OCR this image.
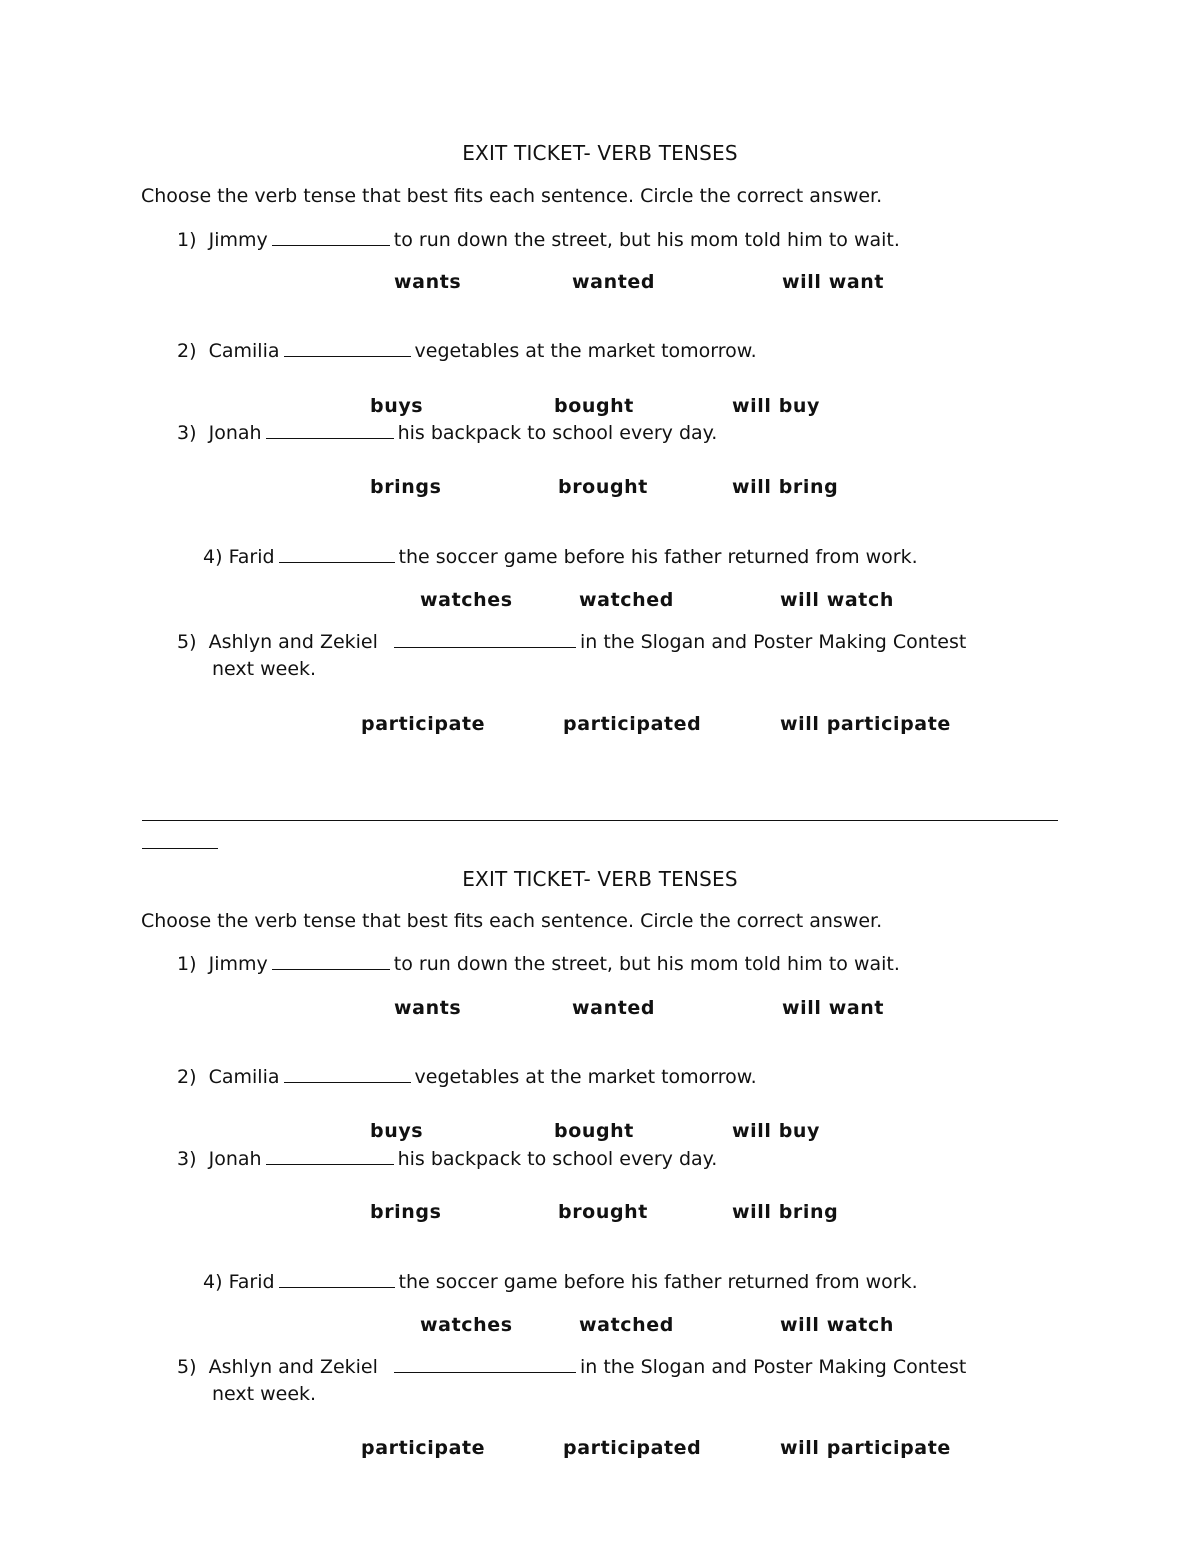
EXIT TICKET- VERB TENSES
Choose the verb tense that best fits each sentence. Circle the correct answer.
1) Jimmy	to run down the street, but his mom told him to wait.
wants	wanted	will want
2) Camilia	vegetables at the market tomorrow.
buys	bought	will buy
3) Jonah	his backpack to school every day.
brings	brought	will bring
4) Farid	the soccer game before his father returned from work.
watches	watched	will watch
5) Ashlyn and Zekiel	in the Slogan and Poster Making Contest
next week.
participate	participated	will participate
EXIT TICKET- VERB TENSES
Choose the verb tense that best fits each sentence. Circle the correct answer.
1) Jimmy	to run down the street, but his mom told him to wait.
wants	wanted	will want
2) Camilia	vegetables at the market tomorrow.
buys	bought	will buy
3) Jonah	his backpack to school every day.
brings	brought	will bring
4) Farid	the soccer game before his father returned from work.
watches	watched	will watch
5) Ashlyn and Zekiel	in the Slogan and Poster Making Contest
next week.
participate	participated	will participate
